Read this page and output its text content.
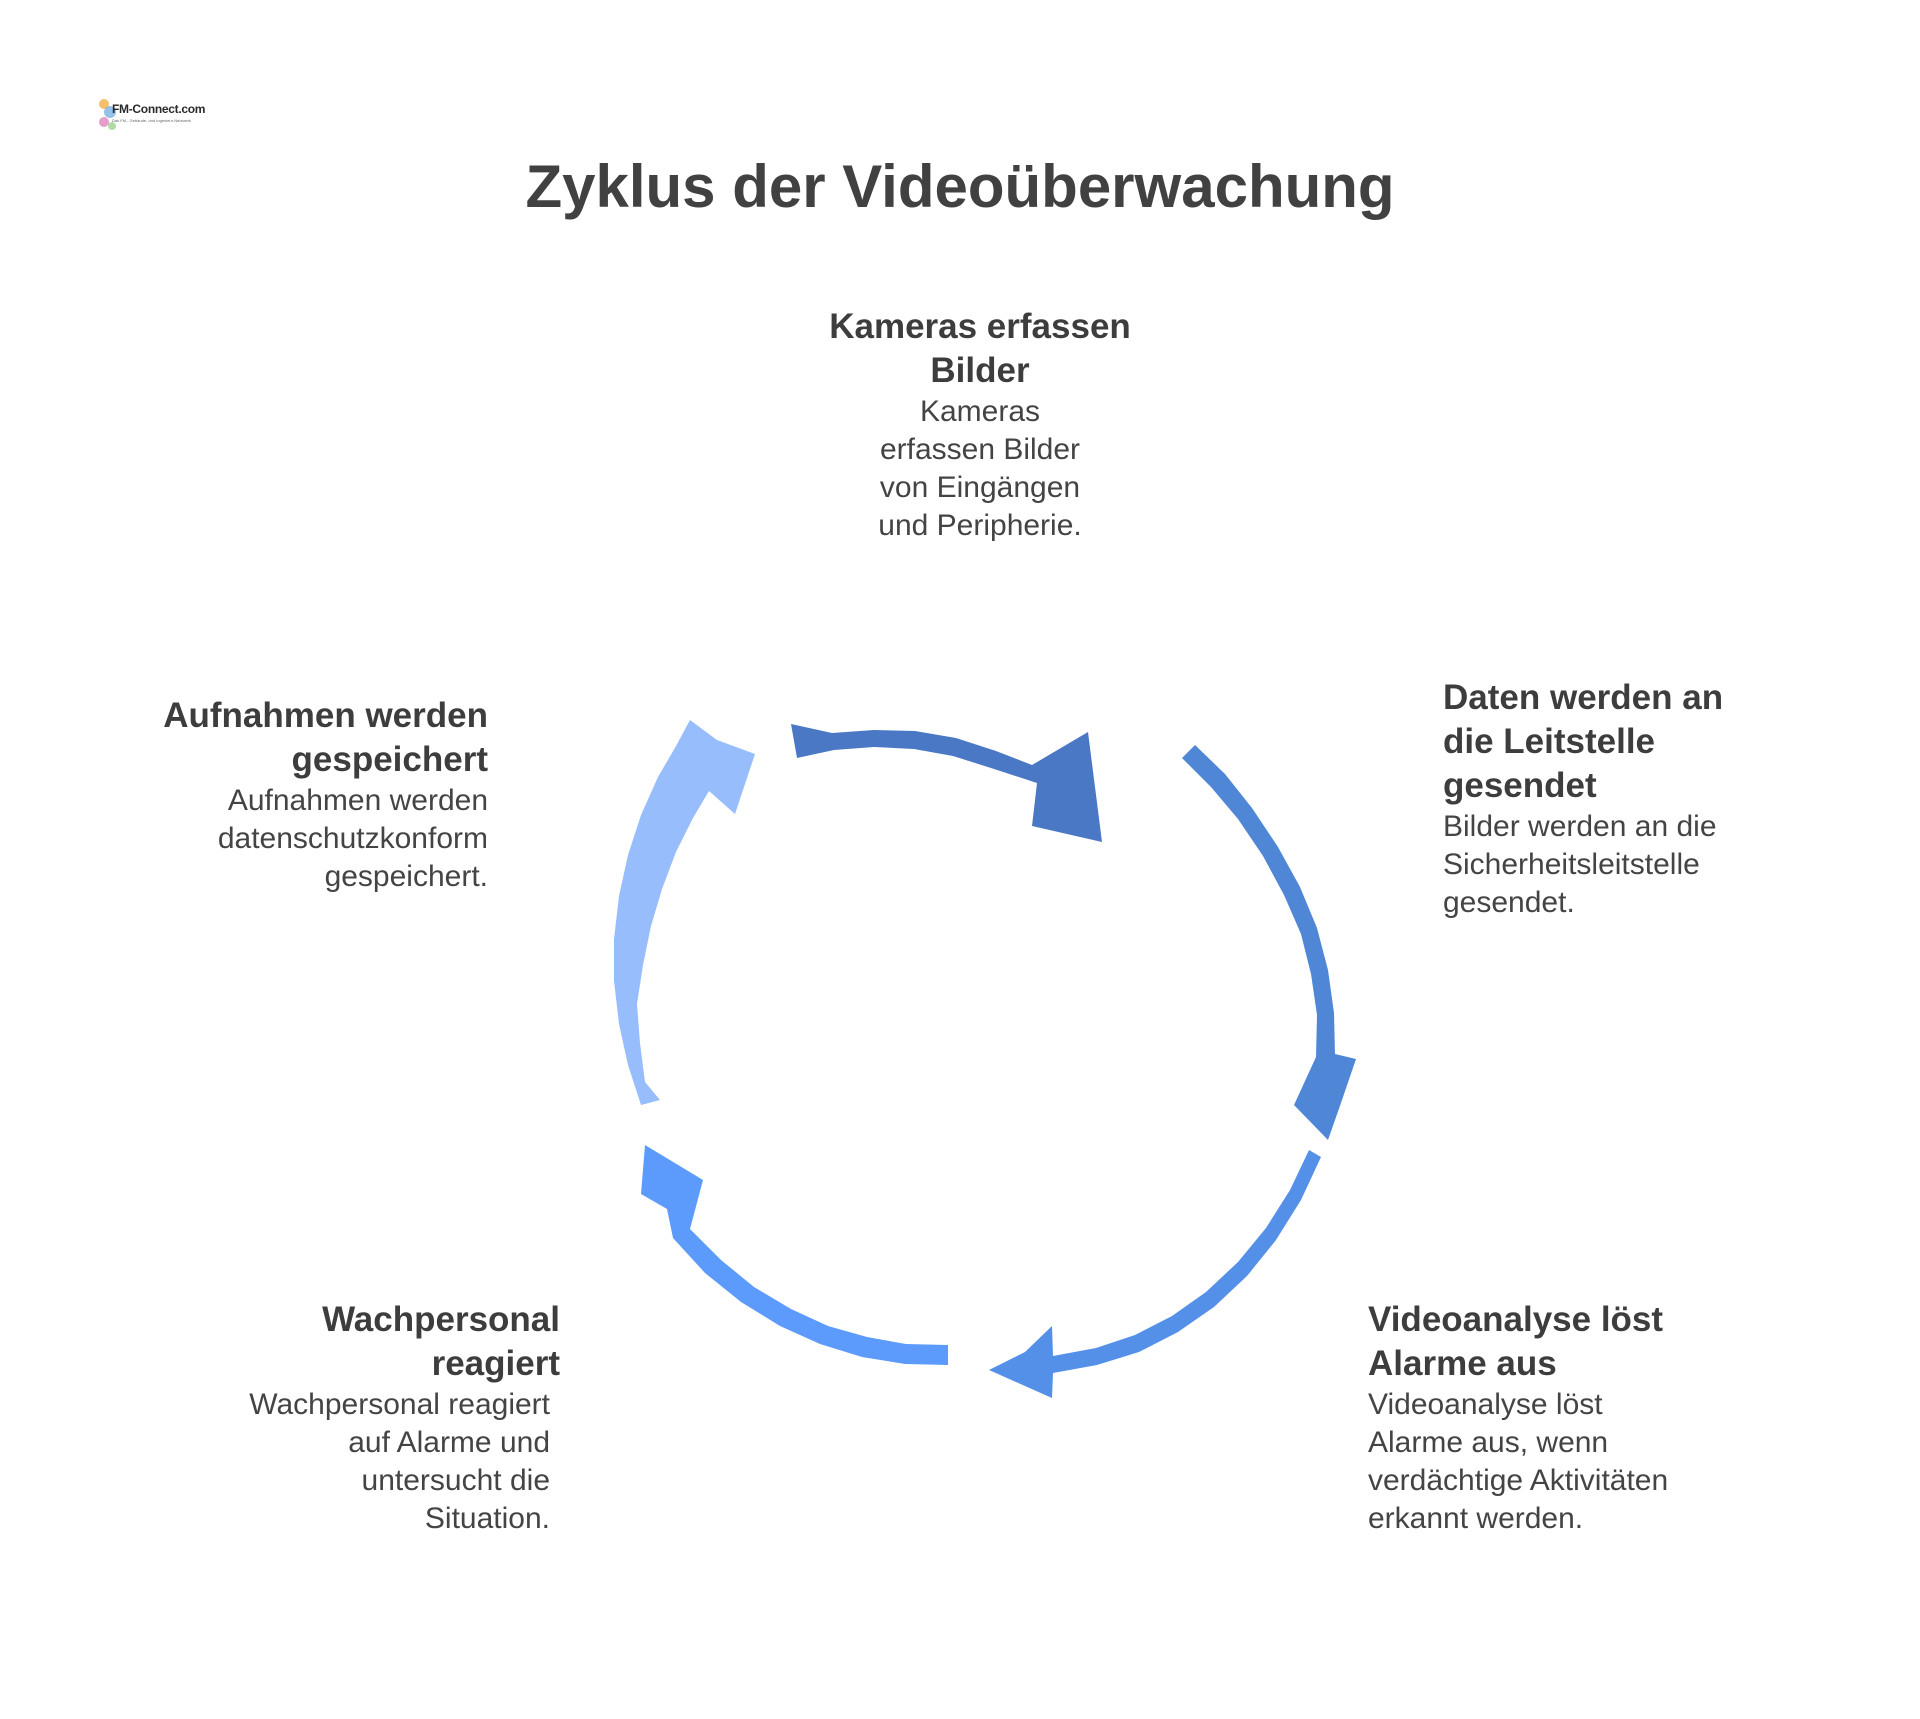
FM-Connect.com
Das FM-, Gebäude- und Ingenieur-Netzwerk
Zyklus der Videoüberwachung
Kameras erfassen Bilder
Kameras erfassen Bilder von Eingängen und Peripherie.
Daten werden an die Leitstelle gesendet
Bilder werden an die Sicherheitsleitstelle gesendet.
Videoanalyse löst Alarme aus
Videoanalyse löst Alarme aus, wenn verdächtige Aktivitäten erkannt werden.
Wachpersonal reagiert
Wachpersonal reagiert auf Alarme und untersucht die Situation.
Aufnahmen werden gespeichert
Aufnahmen werden datenschutzkonform gespeichert.
